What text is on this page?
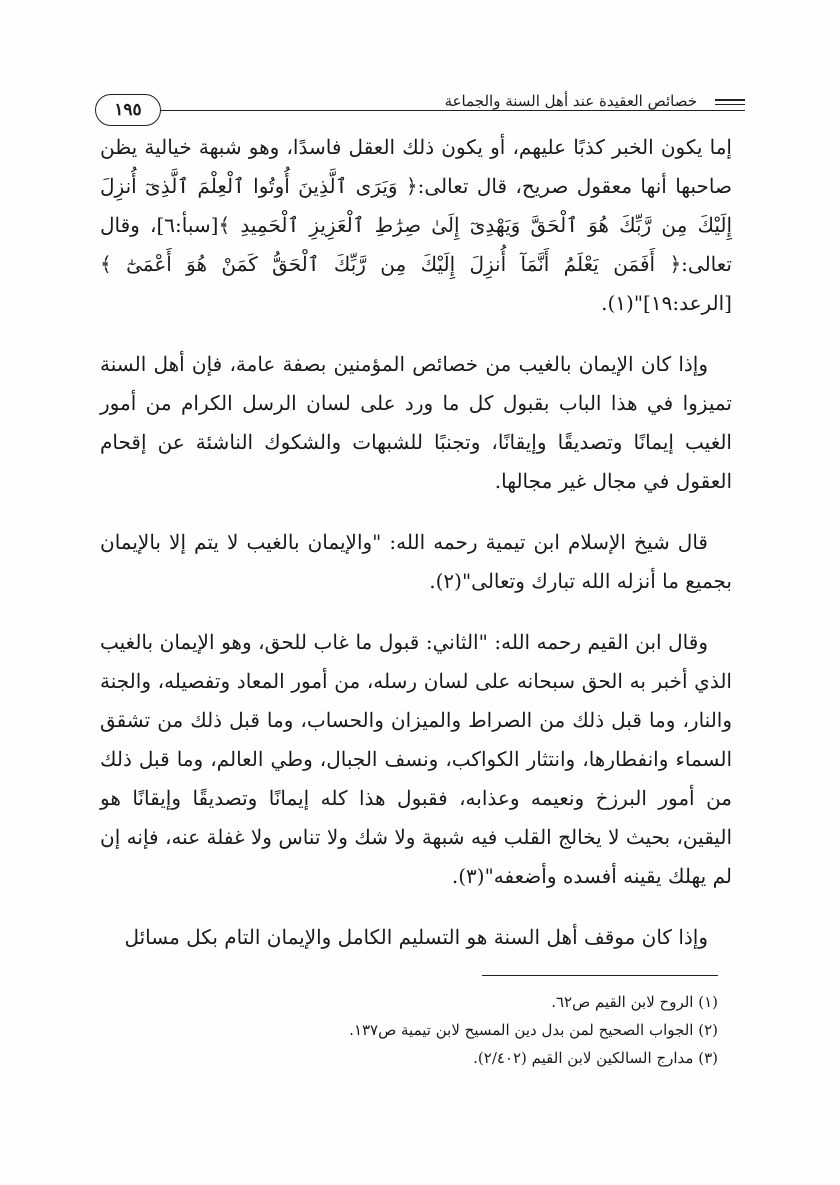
خصائص العقيدة عند أهل السنة والجماعة
١٩٥

إما يكون الخبر كذبًا عليهم، أو يكون ذلك العقل فاسدًا، وهو شبهة خيالية يظن صاحبها أنها معقول صريح، قال تعالى:﴿ وَيَرَى ٱلَّذِينَ أُوتُوا ٱلْعِلْمَ ٱلَّذِىٓ أُنزِلَ إِلَيْكَ مِن رَّبِّكَ هُوَ ٱلْحَقَّ وَيَهْدِىٓ إِلَىٰ صِرَٰطِ ٱلْعَزِيزِ ٱلْحَمِيدِ ﴾[سبأ:٦]، وقال تعالى:﴿ أَفَمَن يَعْلَمُ أَنَّمَآ أُنزِلَ إِلَيْكَ مِن رَّبِّكَ ٱلْحَقُّ كَمَنْ هُوَ أَعْمَىٰٓ ﴾ [الرعد:١٩]"(١).

وإذا كان الإيمان بالغيب من خصائص المؤمنين بصفة عامة، فإن أهل السنة تميزوا في هذا الباب بقبول كل ما ورد على لسان الرسل الكرام من أمور الغيب إيمانًا وتصديقًا وإيقانًا، وتجنبًا للشبهات والشكوك الناشئة عن إقحام العقول في مجال غير مجالها.

قال شيخ الإسلام ابن تيمية رحمه الله: "والإيمان بالغيب لا يتم إلا بالإيمان بجميع ما أنزله الله تبارك وتعالى"(٢).

وقال ابن القيم رحمه الله: "الثاني: قبول ما غاب للحق، وهو الإيمان بالغيب الذي أخبر به الحق سبحانه على لسان رسله، من أمور المعاد وتفصيله، والجنة والنار، وما قبل ذلك من الصراط والميزان والحساب، وما قبل ذلك من تشقق السماء وانفطارها، وانتثار الكواكب، ونسف الجبال، وطي العالم، وما قبل ذلك من أمور البرزخ ونعيمه وعذابه، فقبول هذا كله إيمانًا وتصديقًا وإيقانًا هو اليقين، بحيث لا يخالج القلب فيه شبهة ولا شك ولا تناس ولا غفلة عنه، فإنه إن لم يهلك يقينه أفسده وأضعفه"(٣).

وإذا كان موقف أهل السنة هو التسليم الكامل والإيمان التام بكل مسائل

(١) الروح لابن القيم ص٦٢.
(٢) الجواب الصحيح لمن بدل دين المسيح لابن تيمية ص١٣٧.
(٣) مدارج السالكين لابن القيم (٢/٤٠٢).
